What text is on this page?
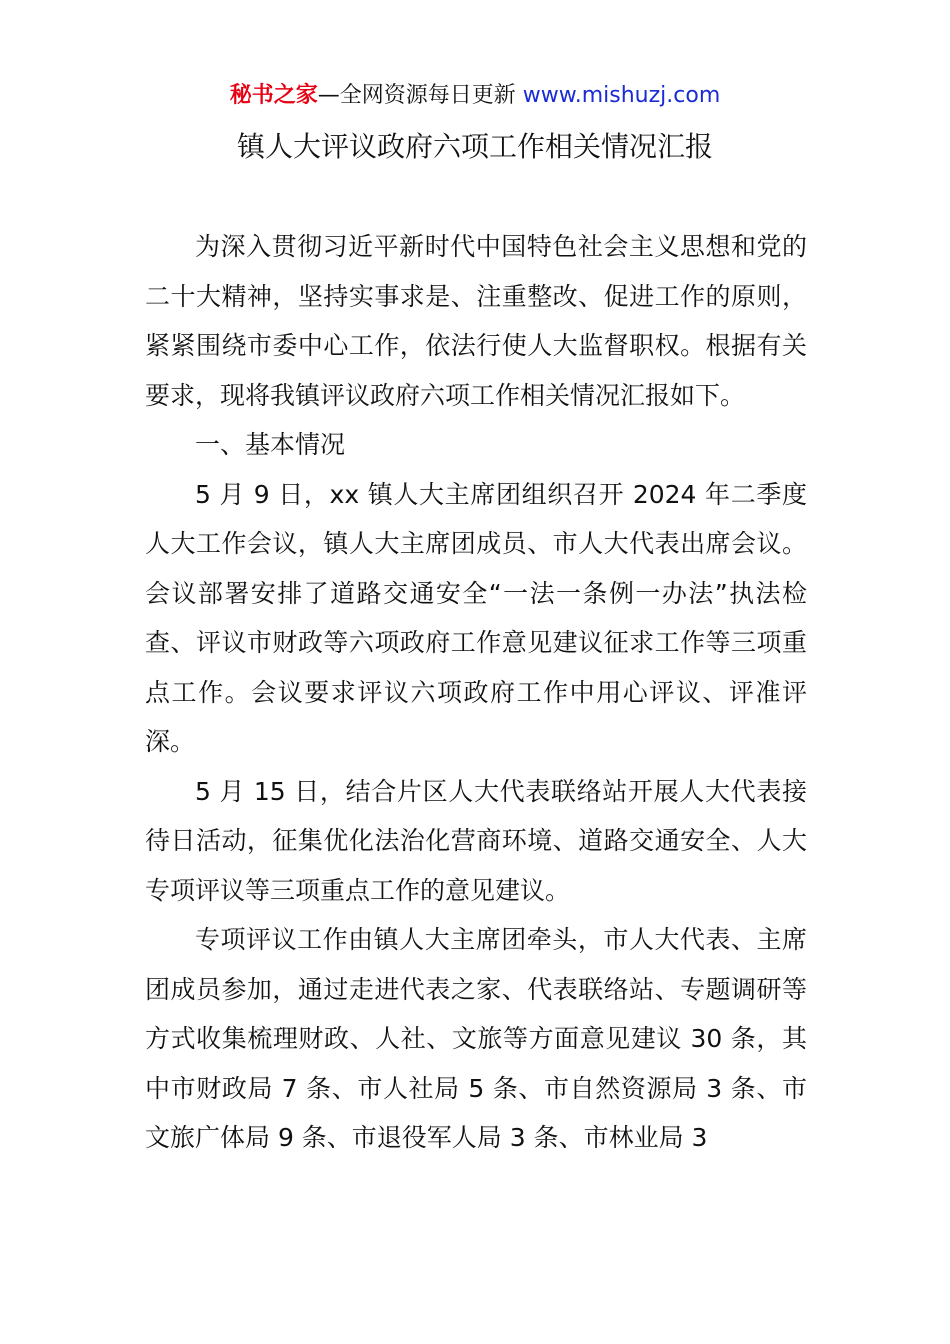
秘书之家—全网资源每日更新 www.mishuzj.com
镇人大评议政府六项工作相关情况汇报

为深入贯彻习近平新时代中国特色社会主义思想和党的二十大精神，坚持实事求是、注重整改、促进工作的原则，紧紧围绕市委中心工作，依法行使人大监督职权。根据有关要求，现将我镇评议政府六项工作相关情况汇报如下。

一、基本情况

5 月 9 日，xx 镇人大主席团组织召开 2024 年二季度人大工作会议，镇人大主席团成员、市人大代表出席会议。会议部署安排了道路交通安全“一法一条例一办法”执法检查、评议市财政等六项政府工作意见建议征求工作等三项重点工作。会议要求评议六项政府工作中用心评议、评准评深。

5 月 15 日，结合片区人大代表联络站开展人大代表接待日活动，征集优化法治化营商环境、道路交通安全、人大专项评议等三项重点工作的意见建议。

专项评议工作由镇人大主席团牵头，市人大代表、主席团成员参加，通过走进代表之家、代表联络站、专题调研等方式收集梳理财政、人社、文旅等方面意见建议 30 条，其中市财政局 7 条、市人社局 5 条、市自然资源局 3 条、市文旅广体局 9 条、市退役军人局 3 条、市林业局 3
